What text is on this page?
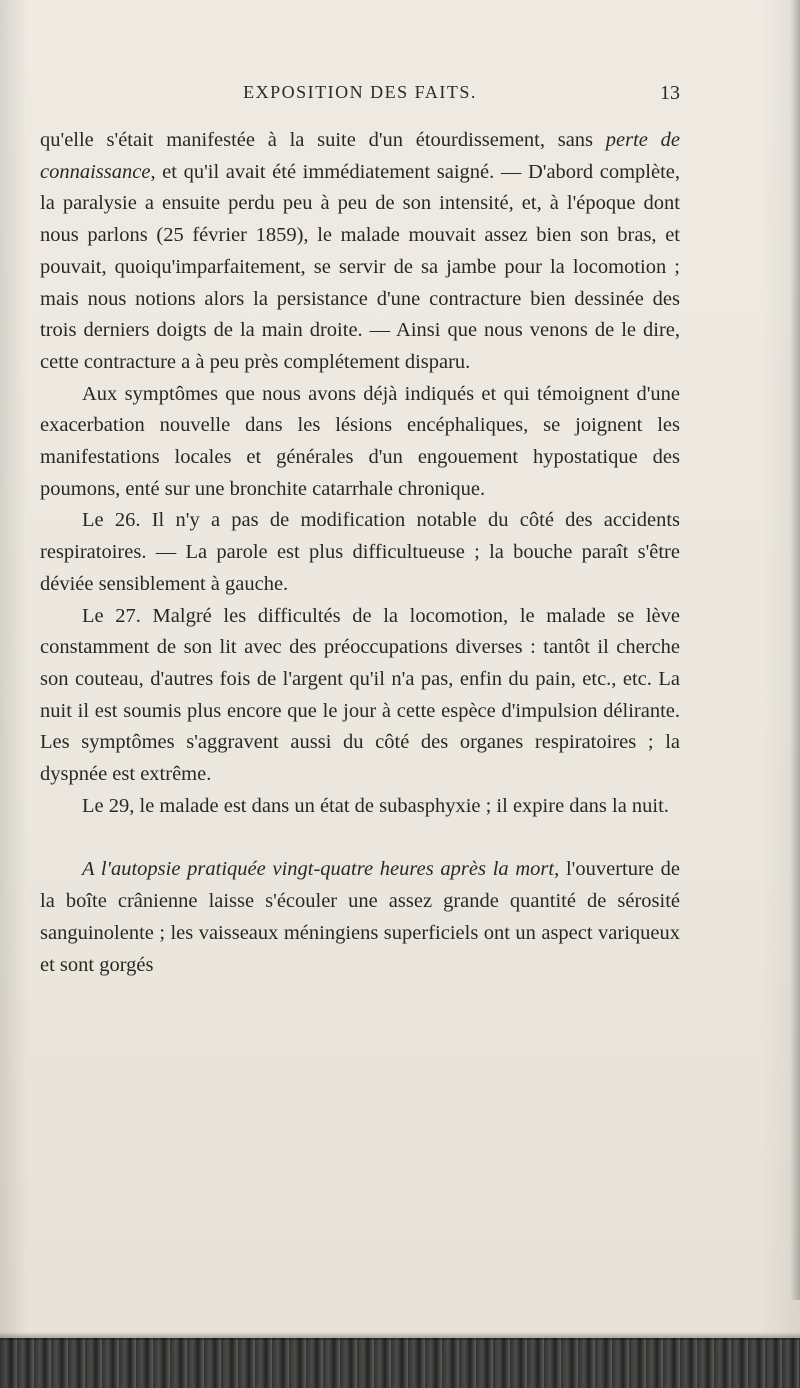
EXPOSITION DES FAITS.	13

qu'elle s'était manifestée à la suite d'un étourdissement, sans perte de connaissance, et qu'il avait été immédiatement saigné. — D'abord complète, la paralysie a ensuite perdu peu à peu de son intensité, et, à l'époque dont nous parlons (25 février 1859), le malade mouvait assez bien son bras, et pouvait, quoiqu'imparfaitement, se servir de sa jambe pour la locomotion ; mais nous notions alors la persistance d'une contracture bien dessinée des trois derniers doigts de la main droite. — Ainsi que nous venons de le dire, cette contracture a à peu près complétement disparu.

Aux symptômes que nous avons déjà indiqués et qui témoignent d'une exacerbation nouvelle dans les lésions encéphaliques, se joignent les manifestations locales et générales d'un engouement hypostatique des poumons, enté sur une bronchite catarrhale chronique.

Le 26. Il n'y a pas de modification notable du côté des accidents respiratoires. — La parole est plus difficultueuse ; la bouche paraît s'être déviée sensiblement à gauche.

Le 27. Malgré les difficultés de la locomotion, le malade se lève constamment de son lit avec des préoccupations diverses : tantôt il cherche son couteau, d'autres fois de l'argent qu'il n'a pas, enfin du pain, etc., etc. La nuit il est soumis plus encore que le jour à cette espèce d'impulsion délirante. Les symptômes s'aggravent aussi du côté des organes respiratoires ; la dyspnée est extrême.

Le 29, le malade est dans un état de subasphyxie ; il expire dans la nuit.

A l'autopsie pratiquée vingt-quatre heures après la mort, l'ouverture de la boîte crânienne laisse s'écouler une assez grande quantité de sérosité sanguinolente ; les vaisseaux méningiens superficiels ont un aspect variqueux et sont gorgés
